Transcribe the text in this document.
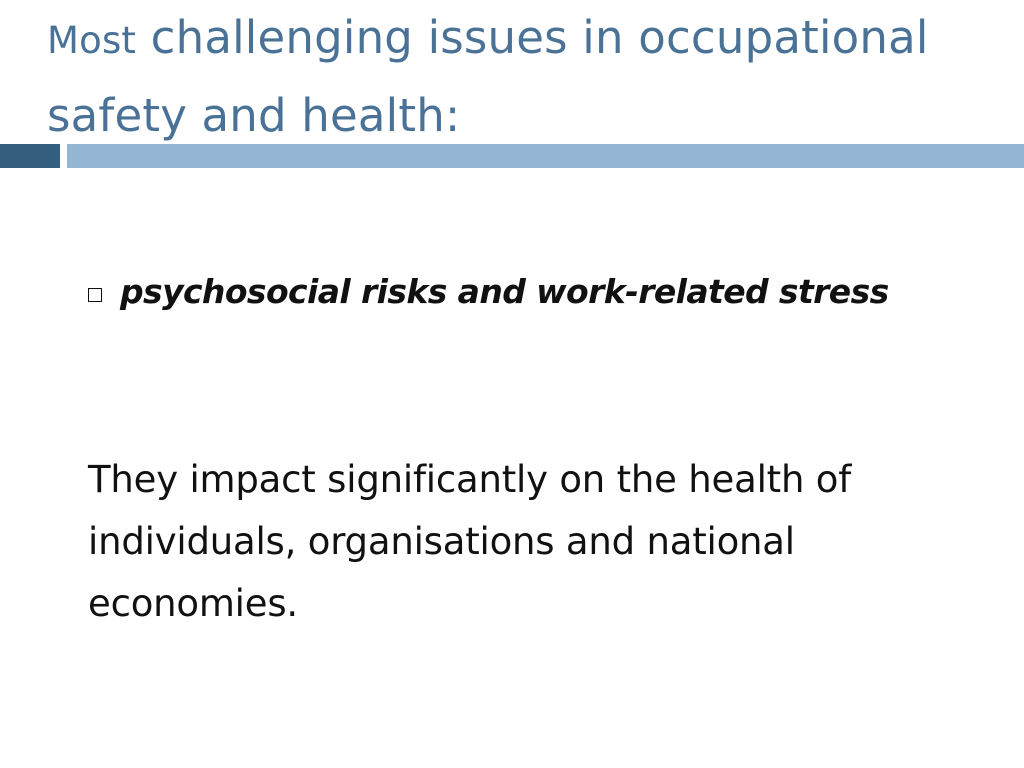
Most challenging issues in occupational safety and health:
psychosocial risks and work-related stress
They impact significantly on the health of
individuals, organisations and national
economies.
